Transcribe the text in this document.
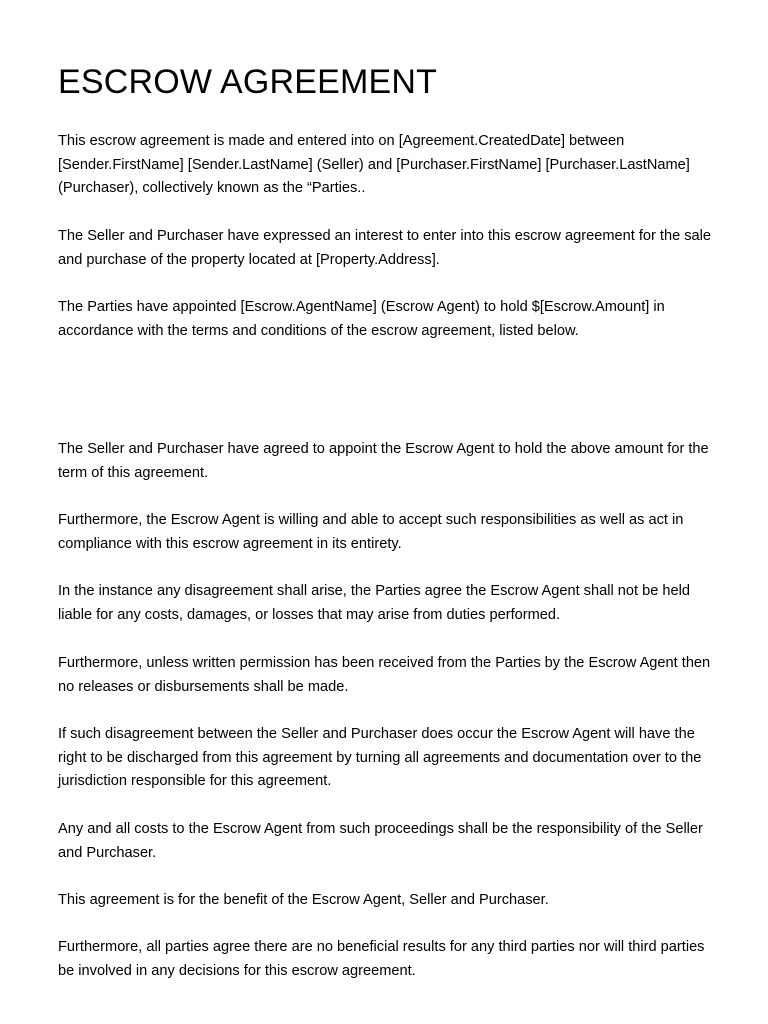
ESCROW AGREEMENT

This escrow agreement is made and entered into on [Agreement.CreatedDate] between [Sender.FirstName] [Sender.LastName] (Seller) and [Purchaser.FirstName] [Purchaser.LastName] (Purchaser), collectively known as the “Parties..

The Seller and Purchaser have expressed an interest to enter into this escrow agreement for the sale and purchase of the property located at [Property.Address].

The Parties have appointed [Escrow.AgentName] (Escrow Agent) to hold $[Escrow.Amount] in accordance with the terms and conditions of the escrow agreement, listed below.

The Seller and Purchaser have agreed to appoint the Escrow Agent to hold the above amount for the term of this agreement.

Furthermore, the Escrow Agent is willing and able to accept such responsibilities as well as act in compliance with this escrow agreement in its entirety.

In the instance any disagreement shall arise, the Parties agree the Escrow Agent shall not be held liable for any costs, damages, or losses that may arise from duties performed.

Furthermore, unless written permission has been received from the Parties by the Escrow Agent then no releases or disbursements shall be made.

If such disagreement between the Seller and Purchaser does occur the Escrow Agent will have the right to be discharged from this agreement by turning all agreements and documentation over to the jurisdiction responsible for this agreement.

Any and all costs to the Escrow Agent from such proceedings shall be the responsibility of the Seller and Purchaser.

This agreement is for the benefit of the Escrow Agent, Seller and Purchaser.

Furthermore, all parties agree there are no beneficial results for any third parties nor will third parties be involved in any decisions for this escrow agreement.
